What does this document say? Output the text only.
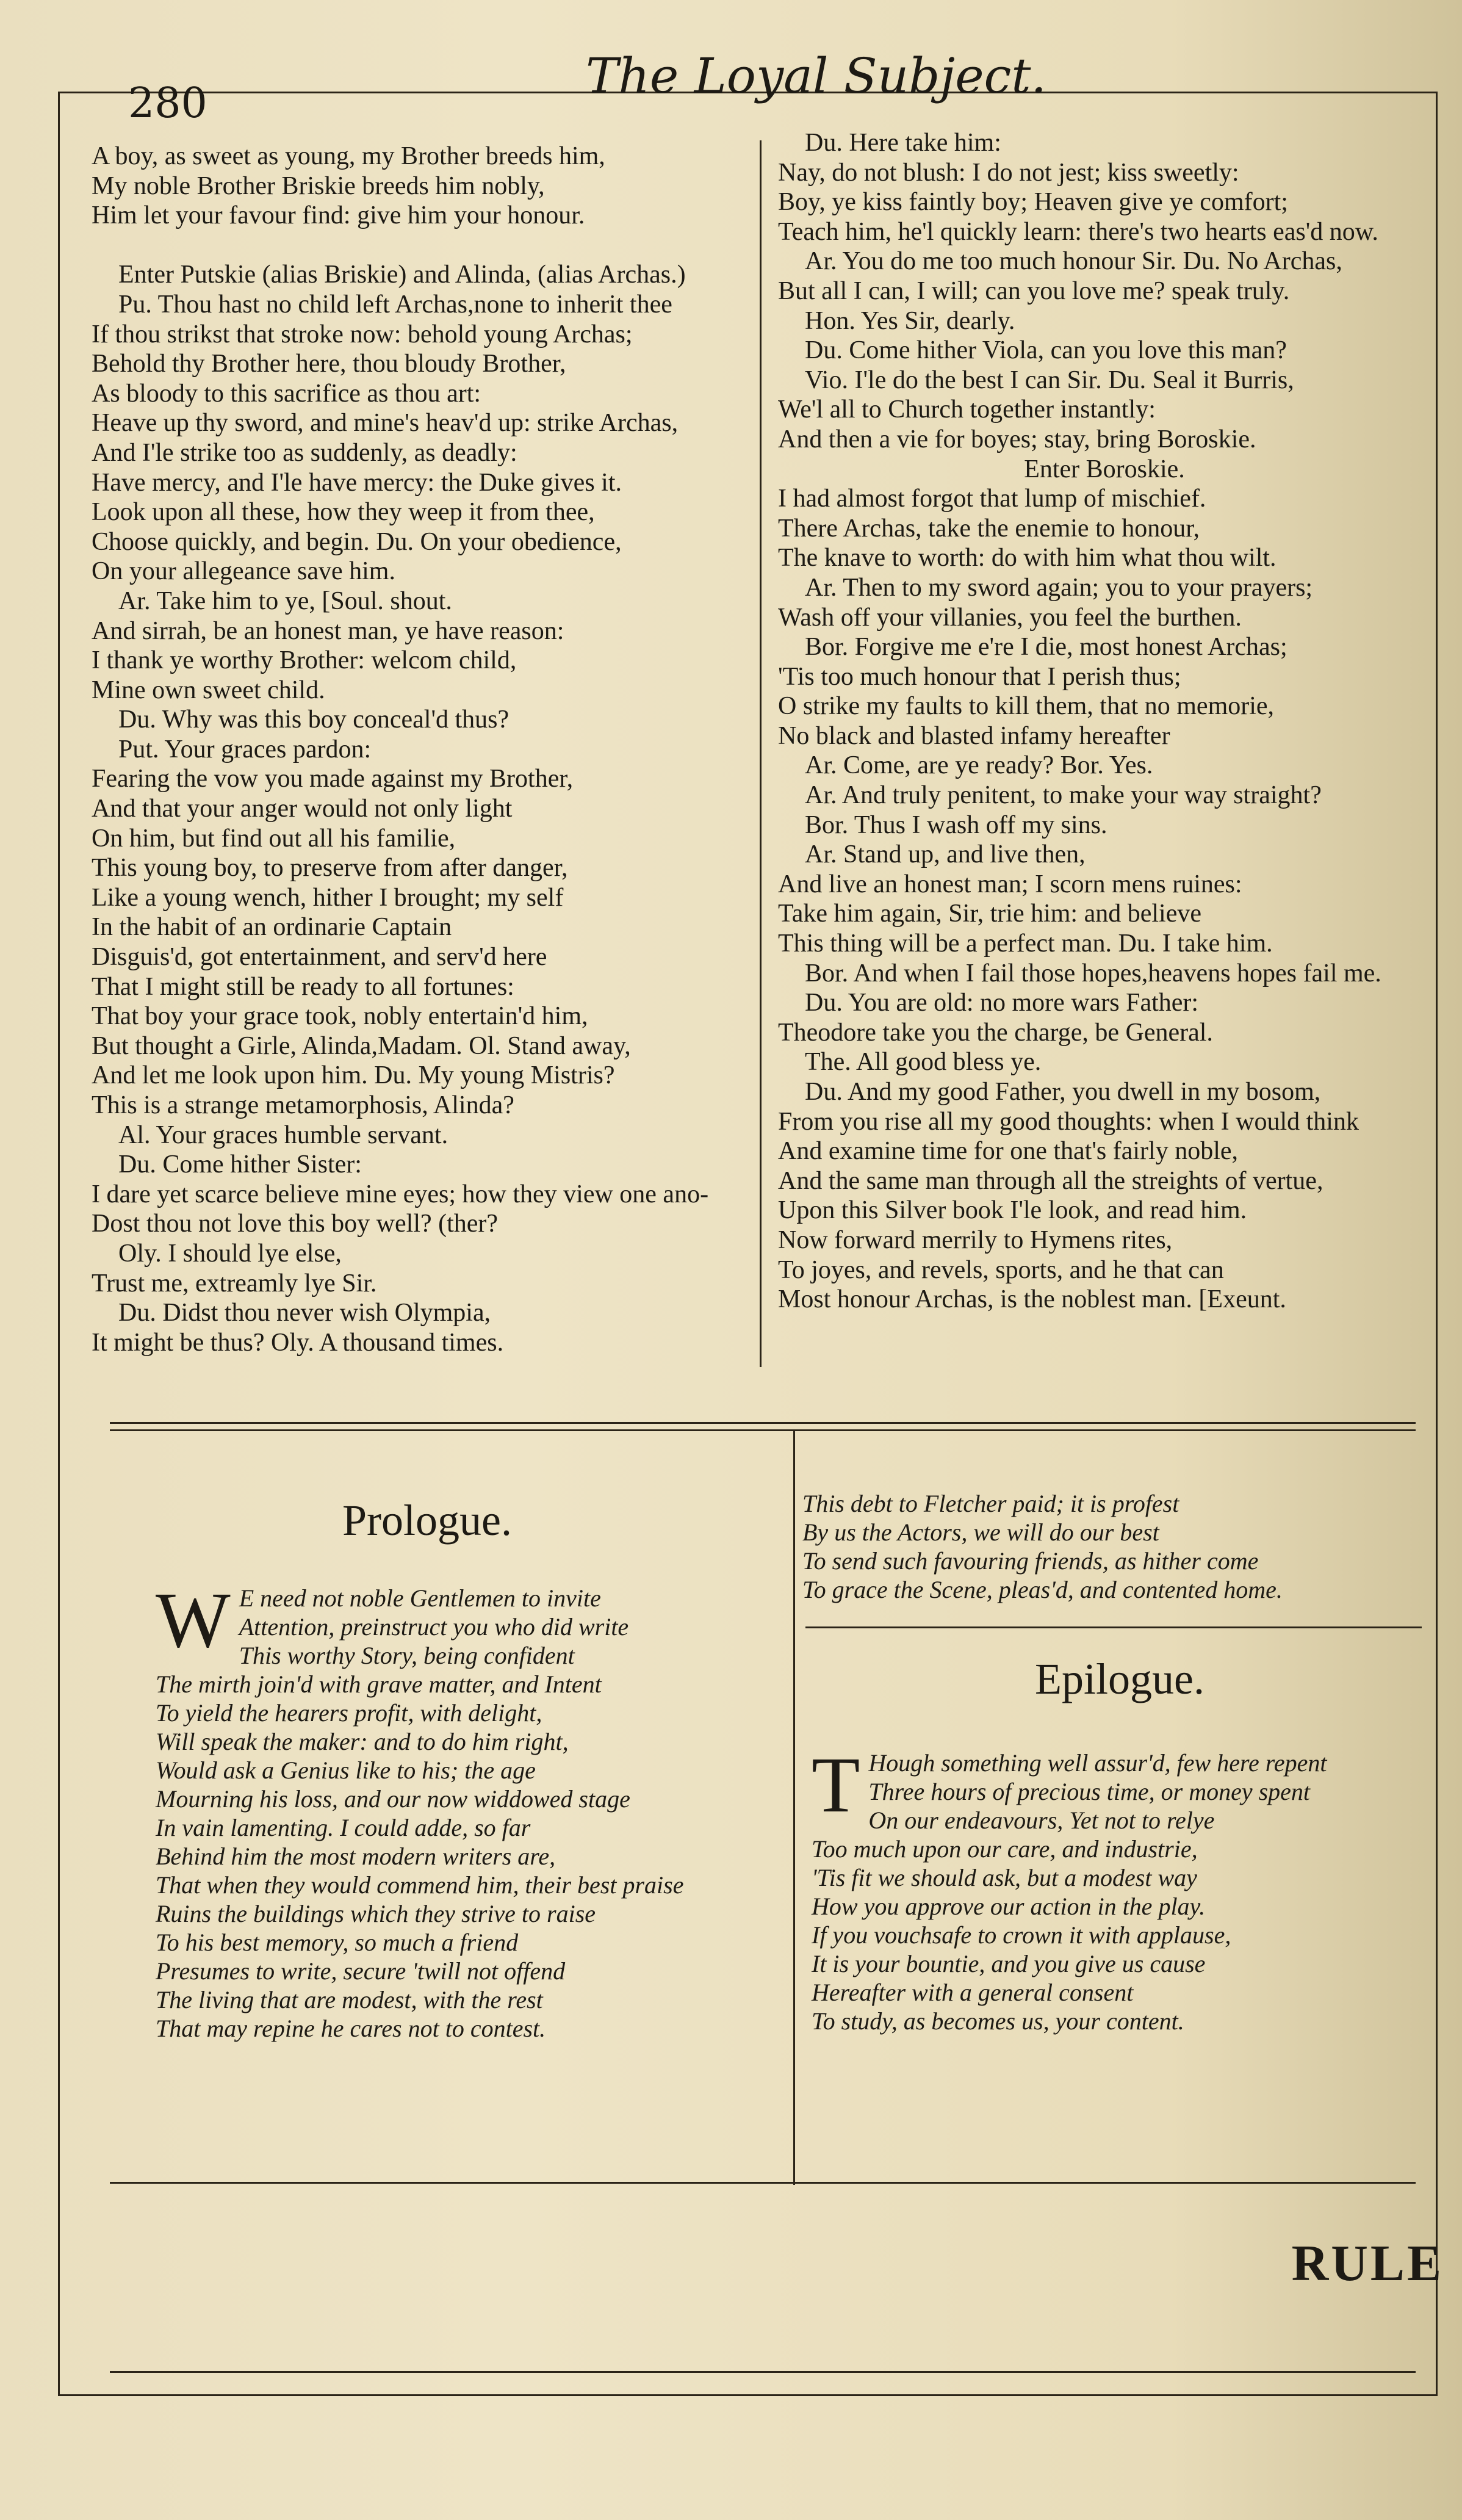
280	The Loyal Subject.
A boy, as sweet as young, my Brother breeds him,
My noble Brother Briskie breeds him nobly,
Him let your favour find: give him your honour.
Enter Putskie (alias Briskie) and Alinda, (alias Archas.)
Pu. Thou hast no child left Archas,none to inherit thee
If thou strikst that stroke now: behold young Archas;
Behold thy Brother here, thou bloudy Brother,
As bloody to this sacrifice as thou art:
Heave up thy sword, and mine's heav'd up: strike Archas,
And I'le strike too as suddenly, as deadly:
Have mercy, and I'le have mercy: the Duke gives it.
Look upon all these, how they weep it from thee,
Choose quickly, and begin. Du. On your obedience,
On your allegeance save him.
Ar. Take him to ye, [Soul. shout.
And sirrah, be an honest man, ye have reason:
I thank ye worthy Brother: welcom child,
Mine own sweet child.
Du. Why was this boy conceal'd thus?
Put. Your graces pardon:
Fearing the vow you made against my Brother,
And that your anger would not only light
On him, but find out all his familie,
This young boy, to preserve from after danger,
Like a young wench, hither I brought; my self
In the habit of an ordinarie Captain
Disguis'd, got entertainment, and serv'd here
That I might still be ready to all fortunes:
That boy your grace took, nobly entertain'd him,
But thought a Girle, Alinda,Madam. Ol. Stand away,
And let me look upon him. Du. My young Mistris?
This is a strange metamorphosis, Alinda?
Al. Your graces humble servant.
Du. Come hither Sister:
I dare yet scarce believe mine eyes; how they view one ano-
Dost thou not love this boy well? (ther?
Oly. I should lye else,
Trust me, extreamly lye Sir.
Du. Didst thou never wish Olympia,
It might be thus? Oly. A thousand times.
Du. Here take him:
Nay, do not blush: I do not jest; kiss sweetly:
Boy, ye kiss faintly boy; Heaven give ye comfort;
Teach him, he'l quickly learn: there's two hearts eas'd now.
Ar. You do me too much honour Sir. Du. No Archas,
But all I can, I will; can you love me? speak truly.
Hon. Yes Sir, dearly.
Du. Come hither Viola, can you love this man?
Vio. I'le do the best I can Sir. Du. Seal it Burris,
We'l all to Church together instantly:
And then a vie for boyes; stay, bring Boroskie.
Enter Boroskie.
I had almost forgot that lump of mischief.
There Archas, take the enemie to honour,
The knave to worth: do with him what thou wilt.
Ar. Then to my sword again; you to your prayers;
Wash off your villanies, you feel the burthen.
Bor. Forgive me e're I die, most honest Archas;
'Tis too much honour that I perish thus;
O strike my faults to kill them, that no memorie,
No black and blasted infamy hereafter
Ar. Come, are ye ready? Bor. Yes.
Ar. And truly penitent, to make your way straight?
Bor. Thus I wash off my sins.
Ar. Stand up, and live then,
And live an honest man; I scorn mens ruines:
Take him again, Sir, trie him: and believe
This thing will be a perfect man. Du. I take him.
Bor. And when I fail those hopes,heavens hopes fail me.
Du. You are old: no more wars Father:
Theodore take you the charge, be General.
The. All good bless ye.
Du. And my good Father, you dwell in my bosom,
From you rise all my good thoughts: when I would think
And examine time for one that's fairly noble,
And the same man through all the streights of vertue,
Upon this Silver book I'le look, and read him.
Now forward merrily to Hymens rites,
To joyes, and revels, sports, and he that can
Most honour Archas, is the noblest man. [Exeunt.
Prologue.
W E need not noble Gentlemen to invite
Attention, preinstruct you who did write
This worthy Story, being confident
The mirth join'd with grave matter, and Intent
To yield the hearers profit, with delight,
Will speak the maker: and to do him right,
Would ask a Genius like to his; the age
Mourning his loss, and our now widdowed stage
In vain lamenting. I could adde, so far
Behind him the most modern writers are,
That when they would commend him, their best praise
Ruins the buildings which they strive to raise
To his best memory, so much a friend
Presumes to write, secure 'twill not offend
The living that are modest, with the rest
That may repine he cares not to contest.
This debt to Fletcher paid; it is profest
By us the Actors, we will do our best
To send such favouring friends, as hither come
To grace the Scene, pleas'd, and contented home.
Epilogue.
T Hough something well assur'd, few here repent
Three hours of precious time, or money spent
On our endeavours, Yet not to relye
Too much upon our care, and industrie,
'Tis fit we should ask, but a modest way
How you approve our action in the play.
If you vouchsafe to crown it with applause,
It is your bountie, and you give us cause
Hereafter with a general consent
To study, as becomes us, your content.
RULE
